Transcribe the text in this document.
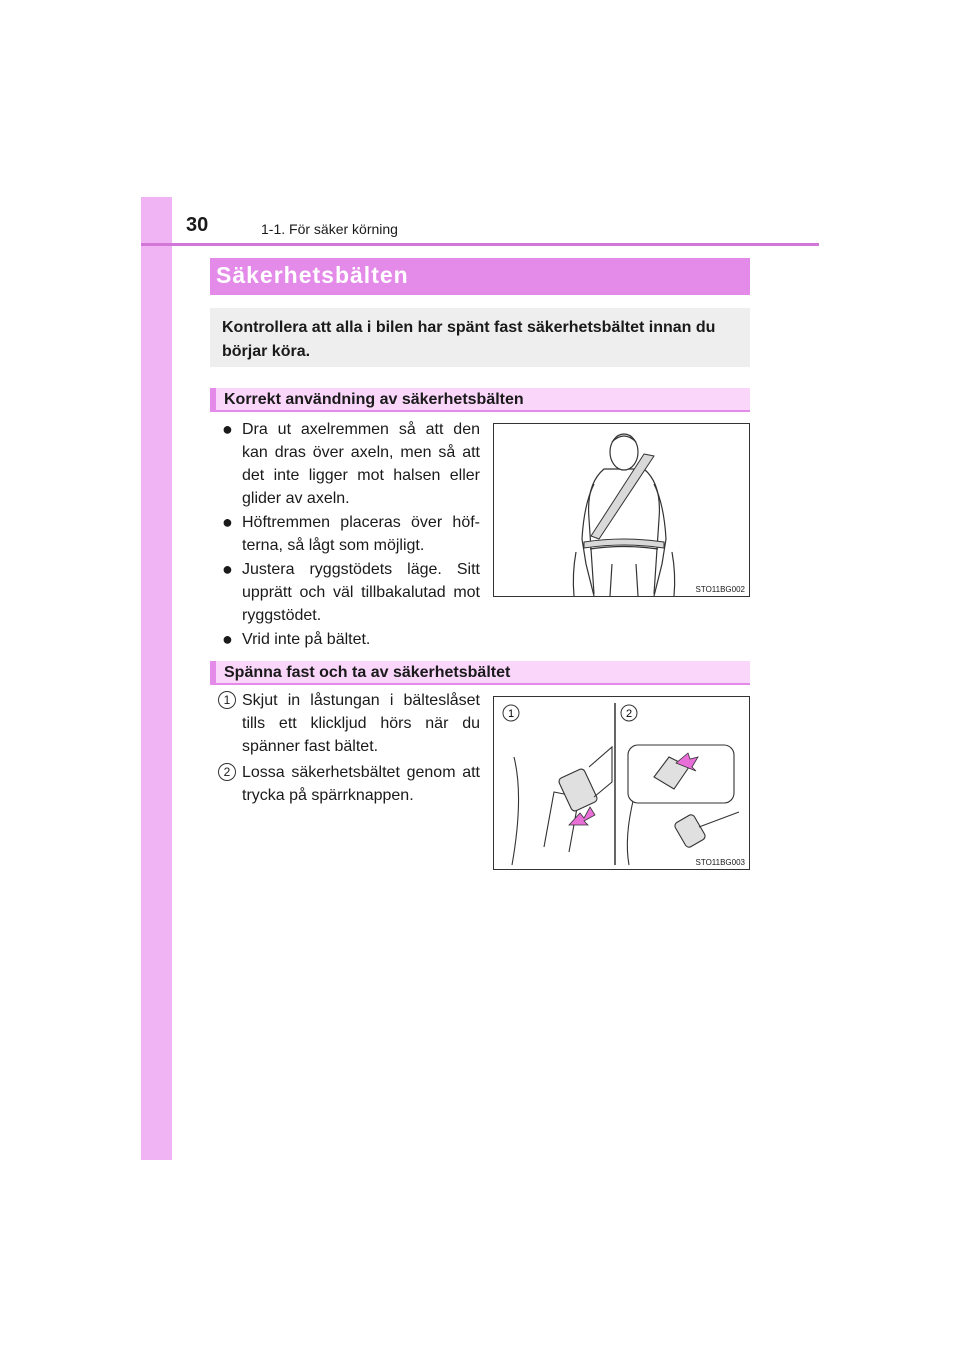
30	1-1. För säker körning
Säkerhetsbälten
Kontrollera att alla i bilen har spänt fast säkerhetsbältet innan du börjar köra.
Korrekt användning av säkerhetsbälten
● Dra ut axelremmen så att den kan dras över axeln, men så att det inte ligger mot halsen eller glider av axeln.
● Höftremmen placeras över höf-terna, så lågt som möjligt.
● Justera ryggstödets läge. Sitt upprätt och väl tillbakalutad mot ryggstödet.
● Vrid inte på bältet.
STO11BG002
Spänna fast och ta av säkerhetsbältet
1 Skjut in låstungan i bälteslåset tills ett klickljud hörs när du spänner fast bältet.
2 Lossa säkerhetsbältet genom att trycka på spärrknappen.
1	2
STO11BG003
